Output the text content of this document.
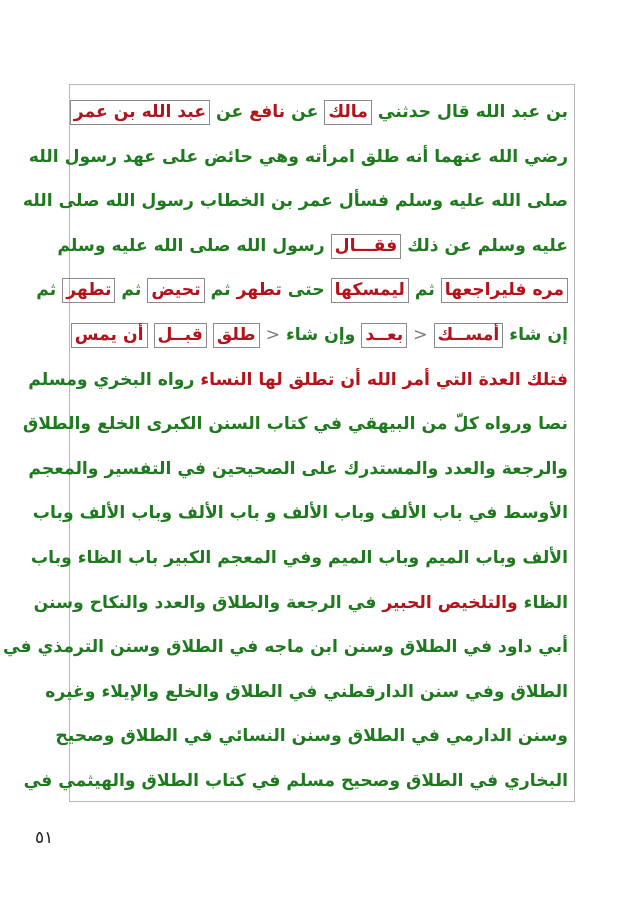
بن عبد الله قال حدثني مالك عن نافع عن عبد الله بن عمر
رضي الله عنهما أنه طلق امرأته وهي حائض على عهد رسول الله
صلى الله عليه وسلم فسأل عمر بن الخطاب رسول الله صلى الله
عليه وسلم عن ذلك فقـــال رسول الله صلى الله عليه وسلم
مره فليراجعها ثم ليمسكها حتى تطهر ثم تحيض ثم تطهر ثم
إن شاء أمســك < بعــد وإن شاء < طلق قبــل أن يمس
فتلك العدة التي أمر الله أن تطلق لها النساء رواه البخري ومسلم
نصا ورواه كلّ من البيهقي في كتاب السنن الكبرى الخلع والطلاق
والرجعة والعدد والمستدرك على الصحيحين في التفسير والمعجم
الأوسط في باب الألف وباب الألف و باب الألف وباب الألف وباب
الألف وباب الميم وباب الميم وفي المعجم الكبير باب الظاء وباب
الظاء والتلخيص الحبير في الرجعة والطلاق والعدد والنكاح وسنن
أبي داود في الطلاق وسنن ابن ماجه في الطلاق وسنن الترمذي في
الطلاق وفي سنن الدارقطني في الطلاق والخلع والإيلاء وغيره
وسنن الدارمي في الطلاق وسنن النسائي في الطلاق وصحيح
البخاري في الطلاق وصحيح مسلم في كتاب الطلاق والهيثمي في
٥١
